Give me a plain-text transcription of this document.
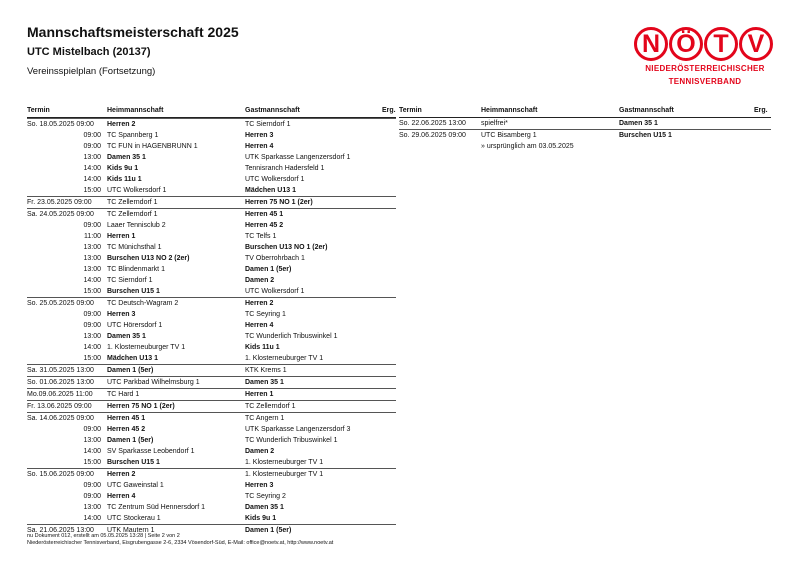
Mannschaftsmeisterschaft 2025
UTC Mistelbach (20137)
Vereinsspielplan (Fortsetzung)
N Ö T V
NIEDERÖSTERREICHISCHER
TENNISVERBAND
Termin	Heimmannschaft	Gastmannschaft	Erg.
So. 18.05.2025 09:00 Herren 2	TC Sierndorf 1
09:00 TC Spannberg 1	Herren 3
09:00 TC FUN in HAGENBRUNN 1	Herren 4
13:00 Damen 35 1	UTK Sparkasse Langenzersdorf 1
14:00 Kids 9u 1	Tennisranch Hadersfeld 1
14:00 Kids 11u 1	UTC Wolkersdorf 1
15:00 UTC Wolkersdorf 1	Mädchen U13 1
Fr. 23.05.2025 09:00 TC Zellerndorf 1	Herren 75 NO 1 (2er)
Sa. 24.05.2025 09:00 TC Zellerndorf 1	Herren 45 1
09:00 Laaer Tennisclub 2	Herren 45 2
11:00 Herren 1	TC Telfs 1
13:00 TC Münichsthal 1	Burschen U13 NO 1 (2er)
13:00 Burschen U13 NO 2 (2er)	TV Oberrohrbach 1
13:00 TC Blindenmarkt 1	Damen 1 (5er)
14:00 TC Sierndorf 1	Damen 2
15:00 Burschen U15 1	UTC Wolkersdorf 1
So. 25.05.2025 09:00 TC Deutsch-Wagram 2	Herren 2
09:00 Herren 3	TC Seyring 1
09:00 UTC Hörersdorf 1	Herren 4
13:00 Damen 35 1	TC Wunderlich Tribuswinkel 1
14:00 1. Klosterneuburger TV 1	Kids 11u 1
15:00 Mädchen U13 1	1. Klosterneuburger TV 1
Sa. 31.05.2025 13:00 Damen 1 (5er)	KTK Krems 1
So. 01.06.2025 13:00 UTC Parkbad Wilhelmsburg 1	Damen 35 1
Mo.09.06.2025 11:00 TC Hard 1	Herren 1
Fr. 13.06.2025 09:00 Herren 75 NO 1 (2er)	TC Zellerndorf 1
Sa. 14.06.2025 09:00 Herren 45 1	TC Angern 1
09:00 Herren 45 2	UTK Sparkasse Langenzersdorf 3
13:00 Damen 1 (5er)	TC Wunderlich Tribuswinkel 1
14:00 SV Sparkasse Leobendorf 1	Damen 2
15:00 Burschen U15 1	1. Klosterneuburger TV 1
So. 15.06.2025 09:00 Herren 2	1. Klosterneuburger TV 1
09:00 UTC Gaweinstal 1	Herren 3
09:00 Herren 4	TC Seyring 2
13:00 TC Zentrum Süd Hennersdorf 1	Damen 35 1
14:00 UTC Stockerau 1	Kids 9u 1
Sa. 21.06.2025 13:00 UTK Mautern 1	Damen 1 (5er)
Termin	Heimmannschaft	Gastmannschaft	Erg.
So. 22.06.2025 13:00 spielfrei*	Damen 35 1
So. 29.06.2025 09:00 UTC Bisamberg 1	Burschen U15 1
» ursprünglich am 03.05.2025
nu Dokument 012, erstellt am 05.05.2025 13:28 | Seite 2 von 2
Niederösterreichischer Tennisverband, Eisgrubengasse 2-6, 2334 Vösendorf-Süd, E-Mail: office@noetv.at, http://www.noetv.at
